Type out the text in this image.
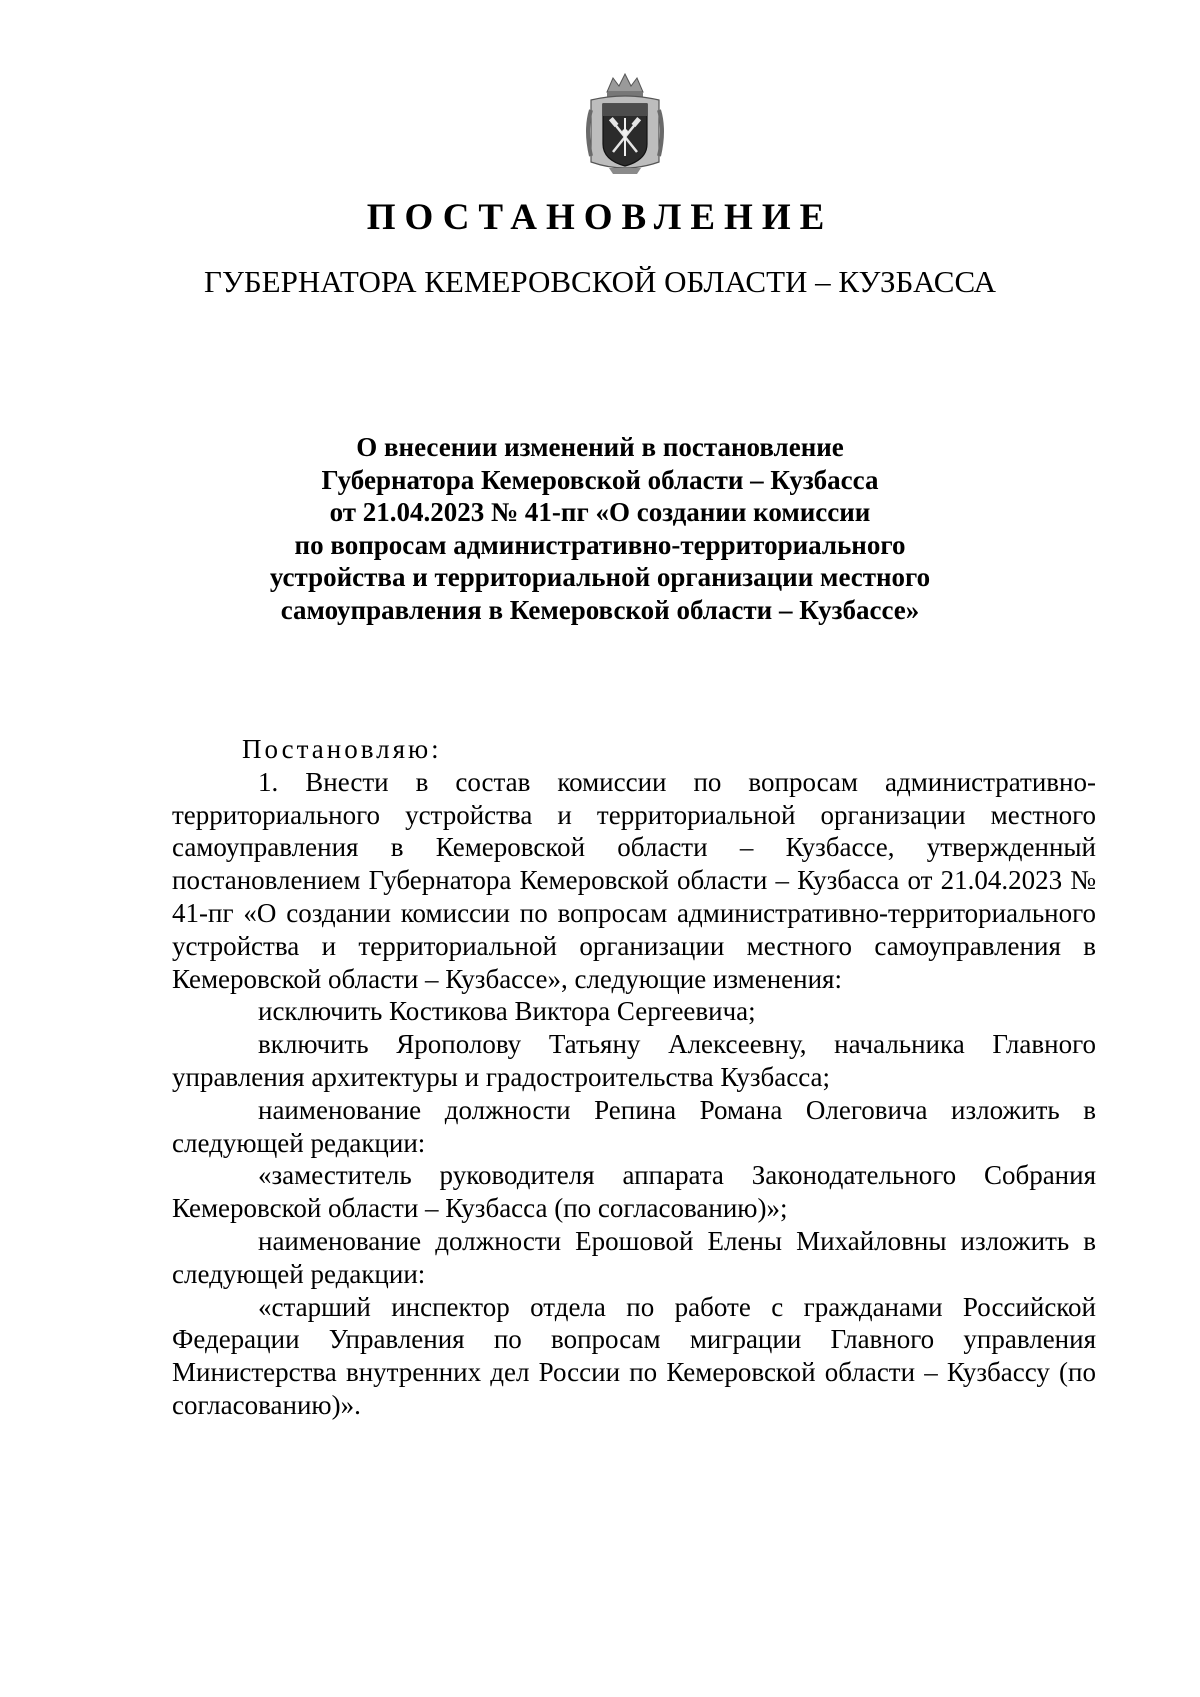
ПОСТАНОВЛЕНИЕ
ГУБЕРНАТОРА КЕМЕРОВСКОЙ ОБЛАСТИ – КУЗБАССА
О внесении изменений в постановление
Губернатора Кемеровской области – Кузбасса
от 21.04.2023 № 41-пг «О создании комиссии
по вопросам административно-территориального
устройства и территориальной организации местного
самоуправления в Кемеровской области – Кузбассе»

Постановляю:

1. Внести в состав комиссии по вопросам административно-территориального устройства и территориальной организации местного самоуправления в Кемеровской области – Кузбассе, утвержденный постановлением Губернатора Кемеровской области – Кузбасса от 21.04.2023 № 41-пг «О создании комиссии по вопросам административно-территориального устройства и территориальной организации местного самоуправления в Кемеровской области – Кузбассе», следующие изменения:

исключить Костикова Виктора Сергеевича;

включить Ярополову Татьяну Алексеевну, начальника Главного управления архитектуры и градостроительства Кузбасса;

наименование должности Репина Романа Олеговича изложить в следующей редакции:

«заместитель руководителя аппарата Законодательного Собрания Кемеровской области – Кузбасса (по согласованию)»;

наименование должности Ерошовой Елены Михайловны изложить в следующей редакции:

«старший инспектор отдела по работе с гражданами Российской Федерации Управления по вопросам миграции Главного управления Министерства внутренних дел России по Кемеровской области – Кузбассу (по согласованию)».
